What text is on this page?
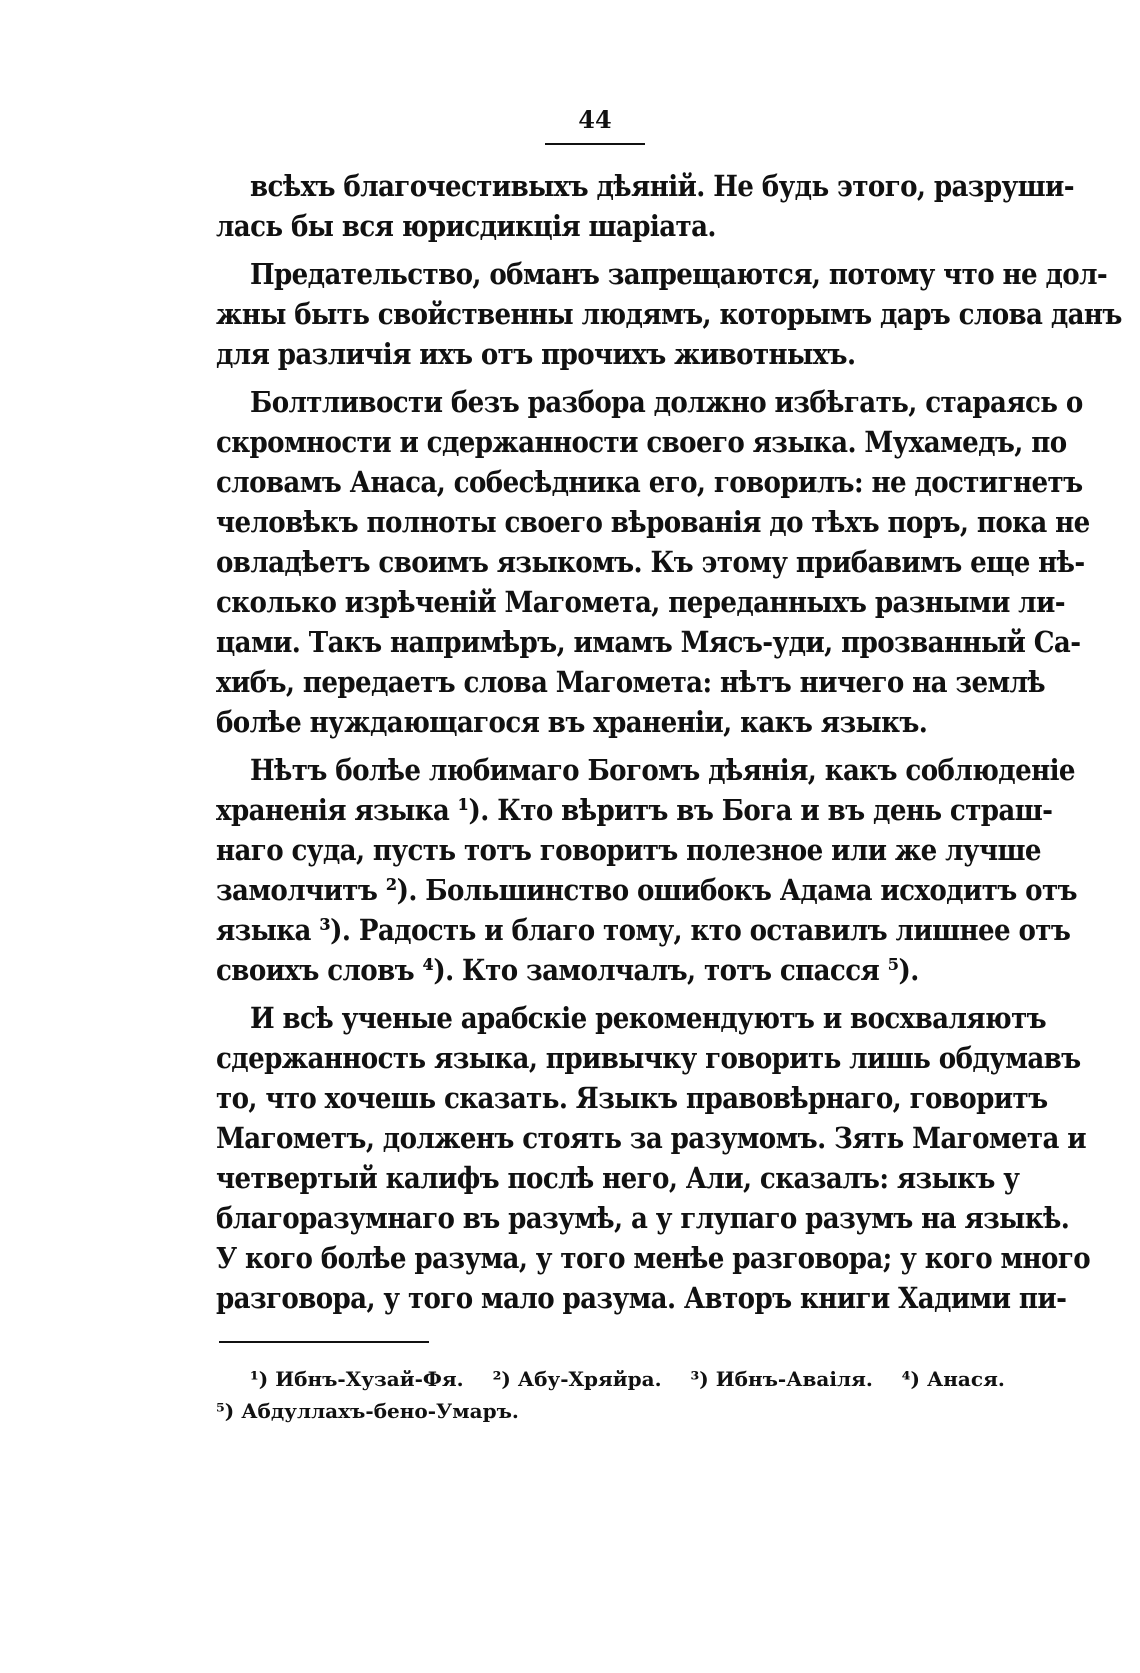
44
всѣхъ благочестивыхъ дѣяній. Не будь этого, разруши-
лась бы вся юрисдикція шаріата.
Предательство, обманъ запрещаются, потому что не дол-
жны быть свойственны людямъ, которымъ даръ слова данъ
для различія ихъ отъ прочихъ животныхъ.
Болтливости безъ разбора должно избѣгать, стараясь о
скромности и сдержанности своего языка. Мухамедъ, по
словамъ Анаса, собесѣдника его, говорилъ: не достигнетъ
человѣкъ полноты своего вѣрованія до тѣхъ поръ, пока не
овладѣетъ своимъ языкомъ. Къ этому прибавимъ еще нѣ-
сколько изрѣченій Магомета, переданныхъ разными ли-
цами. Такъ напримѣръ, имамъ Мясъ-уди, прозванный Са-
хибъ, передаетъ слова Магомета: нѣтъ ничего на землѣ
болѣе нуждающагося въ храненіи, какъ языкъ.
Нѣтъ болѣе любимаго Богомъ дѣянія, какъ соблюденіе
храненія языка ¹). Кто вѣритъ въ Бога и въ день страш-
наго суда, пусть тотъ говоритъ полезное или же лучше
замолчитъ ²). Большинство ошибокъ Адама исходитъ отъ
языка ³). Радость и благо тому, кто оставилъ лишнее отъ
своихъ словъ ⁴). Кто замолчалъ, тотъ спасся ⁵).
И всѣ ученые арабскіе рекомендуютъ и восхваляютъ
сдержанность языка, привычку говорить лишь обдумавъ
то, что хочешь сказать. Языкъ правовѣрнаго, говоритъ
Магометъ, долженъ стоять за разумомъ. Зять Магомета и
четвертый калифъ послѣ него, Али, сказалъ: языкъ у
благоразумнаго въ разумѣ, а у глупаго разумъ на языкѣ.
У кого болѣе разума, у того менѣе разговора; у кого много
разговора, у того мало разума. Авторъ книги Хадими пи-
¹) Ибнъ-Хузай-Фя. ²) Абу-Хряйра. ³) Ибнъ-Аваіля. ⁴) Анася.
⁵) Абдуллахъ-бено-Умаръ.
